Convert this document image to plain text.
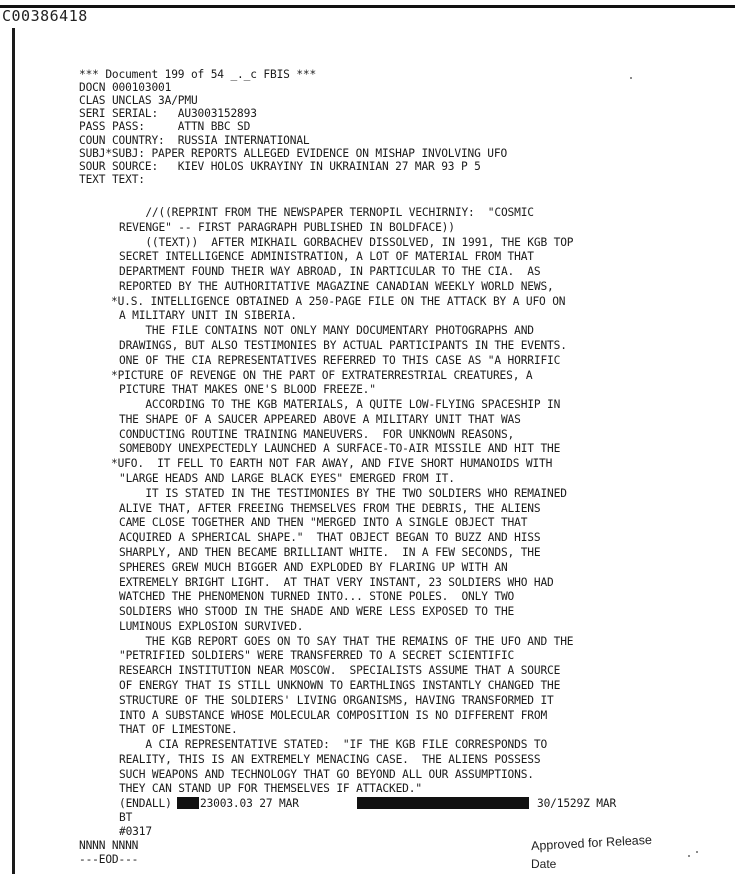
C00386418
*** Document 199 of 54 _._c FBIS ***
DOCN 000103001
CLAS UNCLAS 3A/PMU
SERI SERIAL:   AU3003152893
PASS PASS:     ATTN BBC SD
COUN COUNTRY:  RUSSIA INTERNATIONAL
SUBJ*SUBJ: PAPER REPORTS ALLEGED EVIDENCE ON MISHAP INVOLVING UFO
SOUR SOURCE:   KIEV HOLOS UKRAYINY IN UKRAINIAN 27 MAR 93 P 5
TEXT TEXT:
//((REPRINT FROM THE NEWSPAPER TERNOPIL VECHIRNIY:  "COSMIC
REVENGE" -- FIRST PARAGRAPH PUBLISHED IN BOLDFACE))
((TEXT))  AFTER MIKHAIL GORBACHEV DISSOLVED, IN 1991, THE KGB TOP
SECRET INTELLIGENCE ADMINISTRATION, A LOT OF MATERIAL FROM THAT
DEPARTMENT FOUND THEIR WAY ABROAD, IN PARTICULAR TO THE CIA.  AS
REPORTED BY THE AUTHORITATIVE MAGAZINE CANADIAN WEEKLY WORLD NEWS,
*U.S. INTELLIGENCE OBTAINED A 250-PAGE FILE ON THE ATTACK BY A UFO ON
A MILITARY UNIT IN SIBERIA.
THE FILE CONTAINS NOT ONLY MANY DOCUMENTARY PHOTOGRAPHS AND
DRAWINGS, BUT ALSO TESTIMONIES BY ACTUAL PARTICIPANTS IN THE EVENTS.
ONE OF THE CIA REPRESENTATIVES REFERRED TO THIS CASE AS "A HORRIFIC
*PICTURE OF REVENGE ON THE PART OF EXTRATERRESTRIAL CREATURES, A
PICTURE THAT MAKES ONE'S BLOOD FREEZE."
ACCORDING TO THE KGB MATERIALS, A QUITE LOW-FLYING SPACESHIP IN
THE SHAPE OF A SAUCER APPEARED ABOVE A MILITARY UNIT THAT WAS
CONDUCTING ROUTINE TRAINING MANEUVERS.  FOR UNKNOWN REASONS,
SOMEBODY UNEXPECTEDLY LAUNCHED A SURFACE-TO-AIR MISSILE AND HIT THE
*UFO.  IT FELL TO EARTH NOT FAR AWAY, AND FIVE SHORT HUMANOIDS WITH
"LARGE HEADS AND LARGE BLACK EYES" EMERGED FROM IT.
IT IS STATED IN THE TESTIMONIES BY THE TWO SOLDIERS WHO REMAINED
ALIVE THAT, AFTER FREEING THEMSELVES FROM THE DEBRIS, THE ALIENS
CAME CLOSE TOGETHER AND THEN "MERGED INTO A SINGLE OBJECT THAT
ACQUIRED A SPHERICAL SHAPE."  THAT OBJECT BEGAN TO BUZZ AND HISS
SHARPLY, AND THEN BECAME BRILLIANT WHITE.  IN A FEW SECONDS, THE
SPHERES GREW MUCH BIGGER AND EXPLODED BY FLARING UP WITH AN
EXTREMELY BRIGHT LIGHT.  AT THAT VERY INSTANT, 23 SOLDIERS WHO HAD
WATCHED THE PHENOMENON TURNED INTO... STONE POLES.  ONLY TWO
SOLDIERS WHO STOOD IN THE SHADE AND WERE LESS EXPOSED TO THE
LUMINOUS EXPLOSION SURVIVED.
THE KGB REPORT GOES ON TO SAY THAT THE REMAINS OF THE UFO AND THE
"PETRIFIED SOLDIERS" WERE TRANSFERRED TO A SECRET SCIENTIFIC
RESEARCH INSTITUTION NEAR MOSCOW.  SPECIALISTS ASSUME THAT A SOURCE
OF ENERGY THAT IS STILL UNKNOWN TO EARTHLINGS INSTANTLY CHANGED THE
STRUCTURE OF THE SOLDIERS' LIVING ORGANISMS, HAVING TRANSFORMED IT
INTO A SUBSTANCE WHOSE MOLECULAR COMPOSITION IS NO DIFFERENT FROM
THAT OF LIMESTONE.
A CIA REPRESENTATIVE STATED:  "IF THE KGB FILE CORRESPONDS TO
REALITY, THIS IS AN EXTREMELY MENACING CASE.  THE ALIENS POSSESS
SUCH WEAPONS AND TECHNOLOGY THAT GO BEYOND ALL OUR ASSUMPTIONS.
THEY CAN STAND UP FOR THEMSELVES IF ATTACKED."
(ENDALL)	23003.03 27 MAR	30/1529Z MAR
BT
#0317
NNNN NNNN
---EOD---
Approved for Release
Date
